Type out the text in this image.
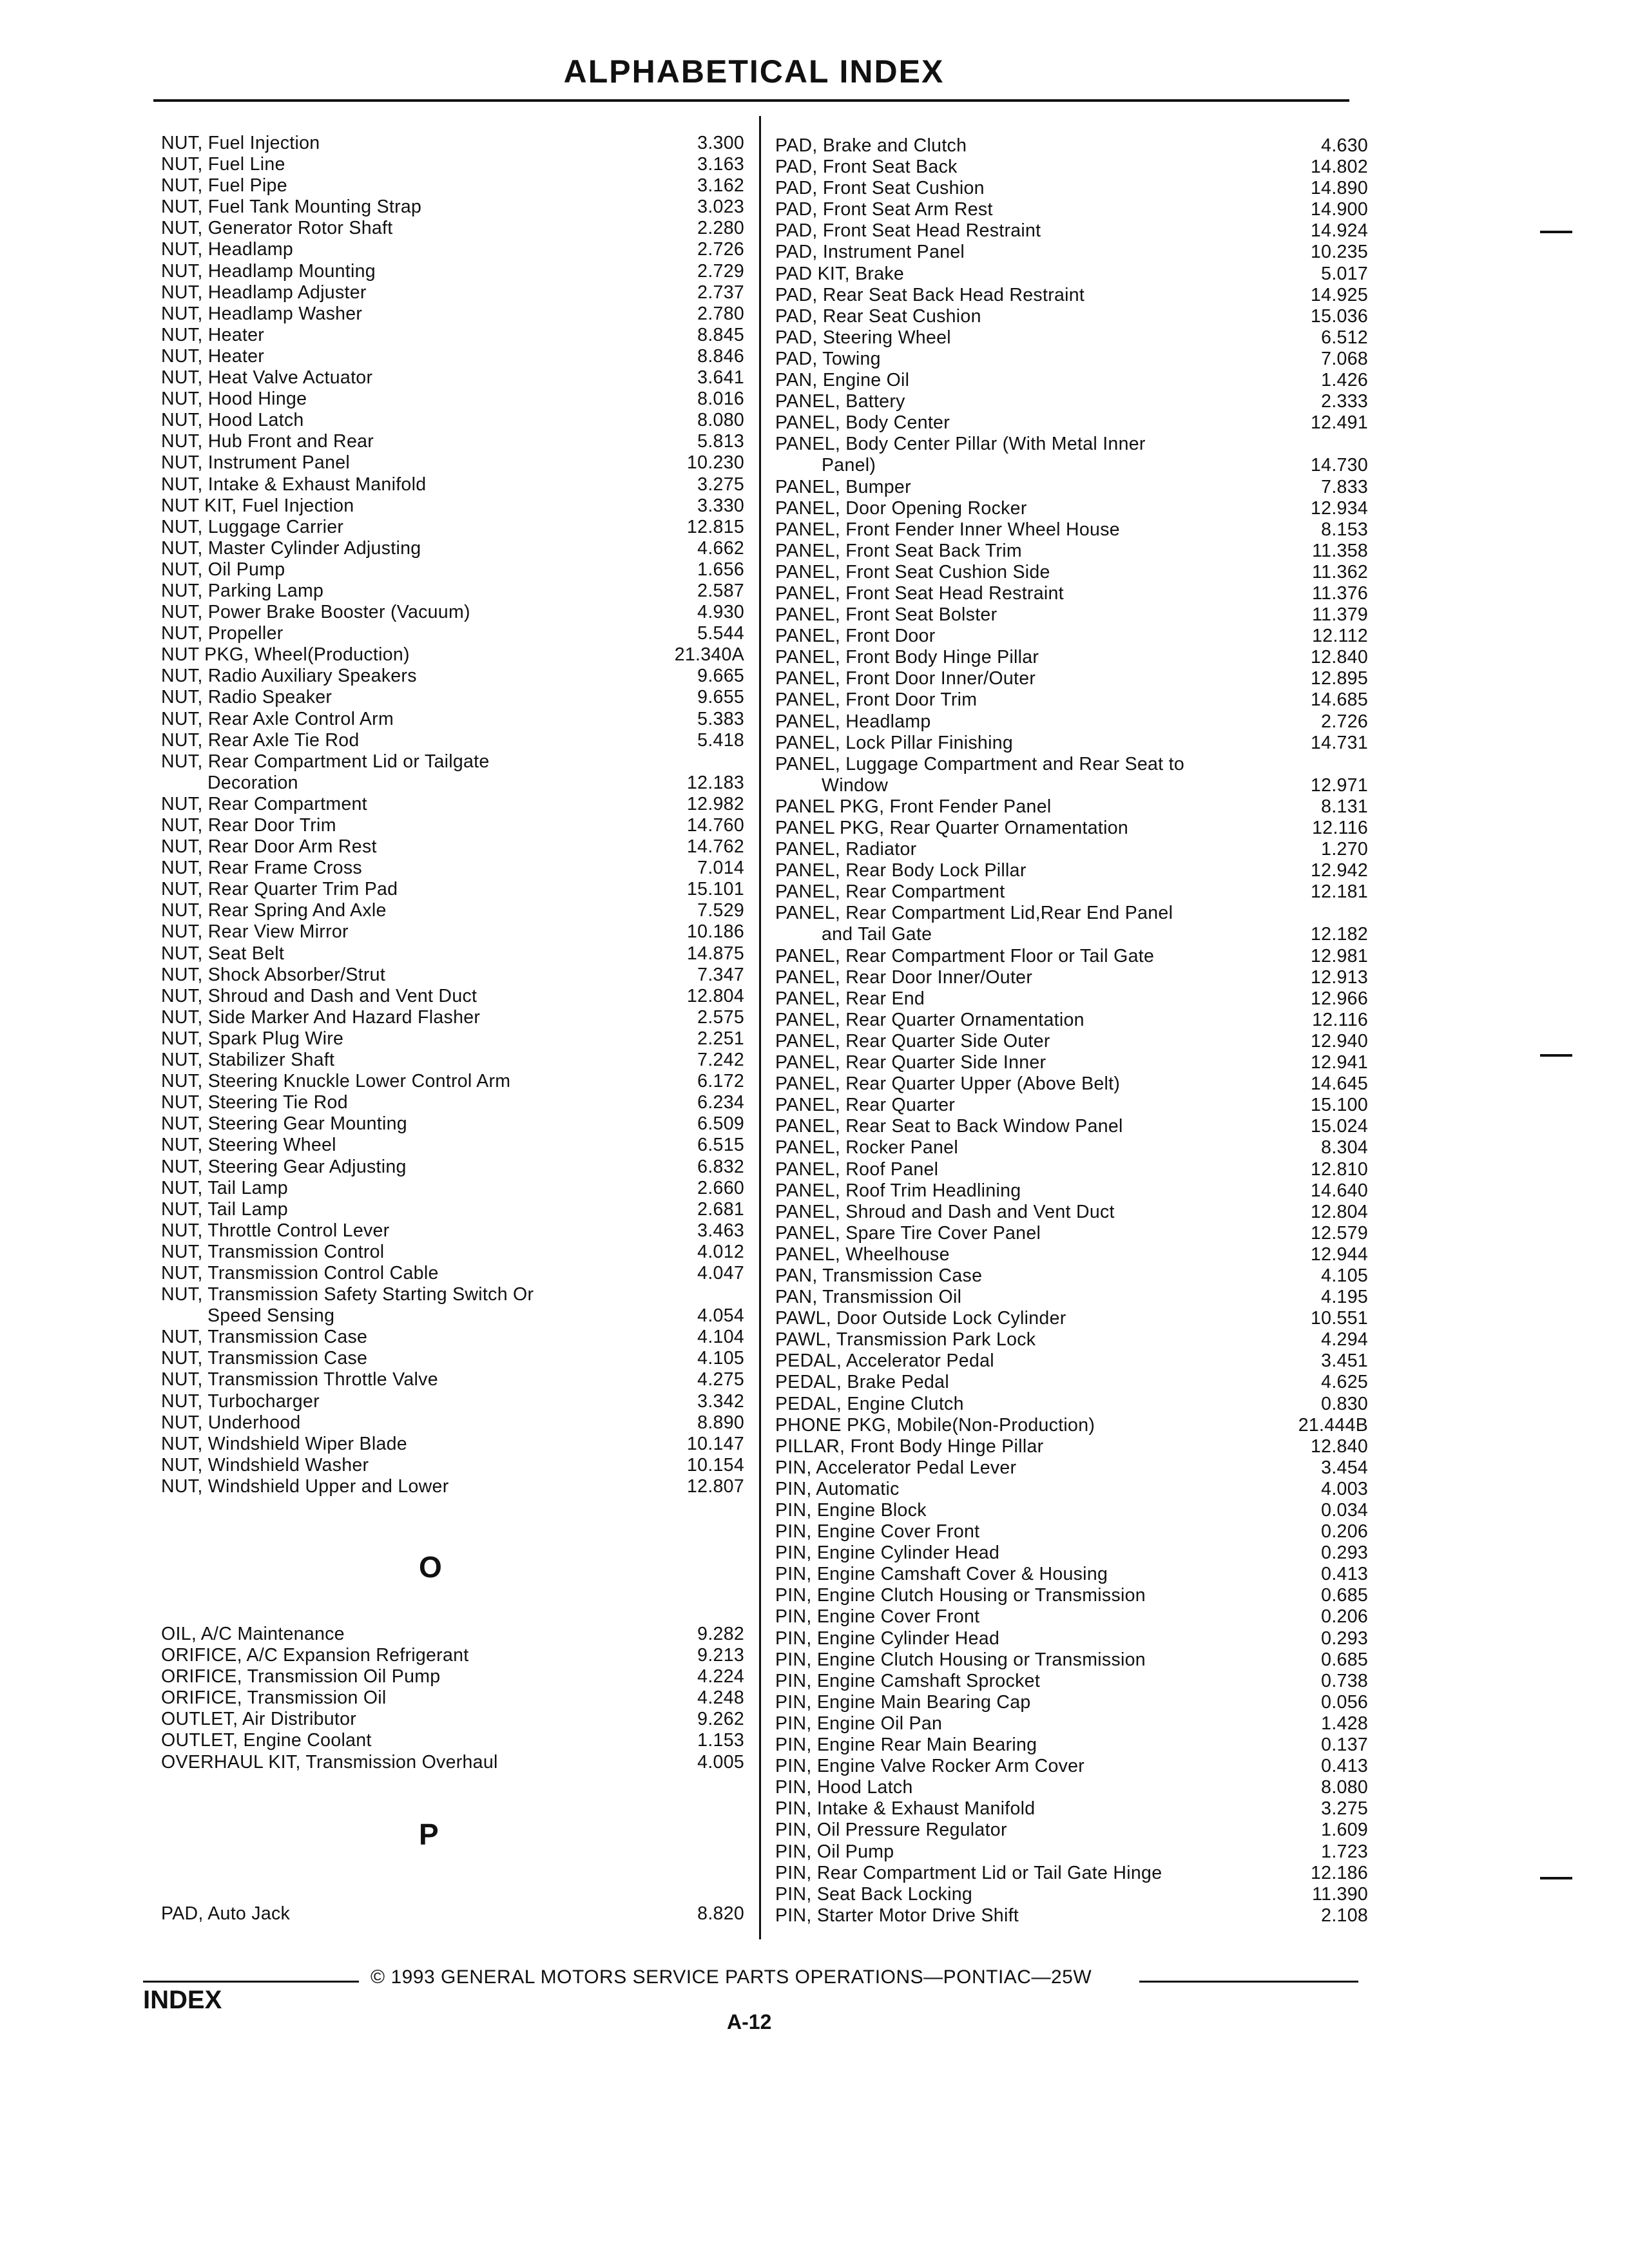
ALPHABETICAL INDEX
NUT, Fuel Injection	3.300
NUT, Fuel Line	3.163
NUT, Fuel Pipe	3.162
NUT, Fuel Tank Mounting Strap	3.023
NUT, Generator Rotor Shaft	2.280
NUT, Headlamp	2.726
NUT, Headlamp Mounting	2.729
NUT, Headlamp Adjuster	2.737
NUT, Headlamp Washer	2.780
NUT, Heater	8.845
NUT, Heater	8.846
NUT, Heat Valve Actuator	3.641
NUT, Hood Hinge	8.016
NUT, Hood Latch	8.080
NUT, Hub Front and Rear	5.813
NUT, Instrument Panel	10.230
NUT, Intake & Exhaust Manifold	3.275
NUT KIT, Fuel Injection	3.330
NUT, Luggage Carrier	12.815
NUT, Master Cylinder Adjusting	4.662
NUT, Oil Pump	1.656
NUT, Parking Lamp	2.587
NUT, Power Brake Booster (Vacuum)	4.930
NUT, Propeller	5.544
NUT PKG, Wheel(Production)	21.340A
NUT, Radio Auxiliary Speakers	9.665
NUT, Radio Speaker	9.655
NUT, Rear Axle Control Arm	5.383
NUT, Rear Axle Tie Rod	5.418
NUT, Rear Compartment Lid or Tailgate
Decoration	12.183
NUT, Rear Compartment	12.982
NUT, Rear Door Trim	14.760
NUT, Rear Door Arm Rest	14.762
NUT, Rear Frame Cross	7.014
NUT, Rear Quarter Trim Pad	15.101
NUT, Rear Spring And Axle	7.529
NUT, Rear View Mirror	10.186
NUT, Seat Belt	14.875
NUT, Shock Absorber/Strut	7.347
NUT, Shroud and Dash and Vent Duct	12.804
NUT, Side Marker And Hazard Flasher	2.575
NUT, Spark Plug Wire	2.251
NUT, Stabilizer Shaft	7.242
NUT, Steering Knuckle Lower Control Arm	6.172
NUT, Steering Tie Rod	6.234
NUT, Steering Gear Mounting	6.509
NUT, Steering Wheel	6.515
NUT, Steering Gear Adjusting	6.832
NUT, Tail Lamp	2.660
NUT, Tail Lamp	2.681
NUT, Throttle Control Lever	3.463
NUT, Transmission Control	4.012
NUT, Transmission Control Cable	4.047
NUT, Transmission Safety Starting Switch Or
Speed Sensing	4.054
NUT, Transmission Case	4.104
NUT, Transmission Case	4.105
NUT, Transmission Throttle Valve	4.275
NUT, Turbocharger	3.342
NUT, Underhood	8.890
NUT, Windshield Wiper Blade	10.147
NUT, Windshield Washer	10.154
NUT, Windshield Upper and Lower	12.807
O
OIL, A/C Maintenance	9.282
ORIFICE, A/C Expansion Refrigerant	9.213
ORIFICE, Transmission Oil Pump	4.224
ORIFICE, Transmission Oil	4.248
OUTLET, Air Distributor	9.262
OUTLET, Engine Coolant	1.153
OVERHAUL KIT, Transmission Overhaul	4.005
P
PAD, Auto Jack	8.820
PAD, Brake and Clutch	4.630
PAD, Front Seat Back	14.802
PAD, Front Seat Cushion	14.890
PAD, Front Seat Arm Rest	14.900
PAD, Front Seat Head Restraint	14.924
PAD, Instrument Panel	10.235
PAD KIT, Brake	5.017
PAD, Rear Seat Back Head Restraint	14.925
PAD, Rear Seat Cushion	15.036
PAD, Steering Wheel	6.512
PAD, Towing	7.068
PAN, Engine Oil	1.426
PANEL, Battery	2.333
PANEL, Body Center	12.491
PANEL, Body Center Pillar (With Metal Inner
Panel)	14.730
PANEL, Bumper	7.833
PANEL, Door Opening Rocker	12.934
PANEL, Front Fender Inner Wheel House	8.153
PANEL, Front Seat Back Trim	11.358
PANEL, Front Seat Cushion Side	11.362
PANEL, Front Seat Head Restraint	11.376
PANEL, Front Seat Bolster	11.379
PANEL, Front Door	12.112
PANEL, Front Body Hinge Pillar	12.840
PANEL, Front Door Inner/Outer	12.895
PANEL, Front Door Trim	14.685
PANEL, Headlamp	2.726
PANEL, Lock Pillar Finishing	14.731
PANEL, Luggage Compartment and Rear Seat to
Window	12.971
PANEL PKG, Front Fender Panel	8.131
PANEL PKG, Rear Quarter Ornamentation	12.116
PANEL, Radiator	1.270
PANEL, Rear Body Lock Pillar	12.942
PANEL, Rear Compartment	12.181
PANEL, Rear Compartment Lid,Rear End Panel
and Tail Gate	12.182
PANEL, Rear Compartment Floor or Tail Gate	12.981
PANEL, Rear Door Inner/Outer	12.913
PANEL, Rear End	12.966
PANEL, Rear Quarter Ornamentation	12.116
PANEL, Rear Quarter Side Outer	12.940
PANEL, Rear Quarter Side Inner	12.941
PANEL, Rear Quarter Upper (Above Belt)	14.645
PANEL, Rear Quarter	15.100
PANEL, Rear Seat to Back Window Panel	15.024
PANEL, Rocker Panel	8.304
PANEL, Roof Panel	12.810
PANEL, Roof Trim Headlining	14.640
PANEL, Shroud and Dash and Vent Duct	12.804
PANEL, Spare Tire Cover Panel	12.579
PANEL, Wheelhouse	12.944
PAN, Transmission Case	4.105
PAN, Transmission Oil	4.195
PAWL, Door Outside Lock Cylinder	10.551
PAWL, Transmission Park Lock	4.294
PEDAL, Accelerator Pedal	3.451
PEDAL, Brake Pedal	4.625
PEDAL, Engine Clutch	0.830
PHONE PKG, Mobile(Non-Production)	21.444B
PILLAR, Front Body Hinge Pillar	12.840
PIN, Accelerator Pedal Lever	3.454
PIN, Automatic	4.003
PIN, Engine Block	0.034
PIN, Engine Cover Front	0.206
PIN, Engine Cylinder Head	0.293
PIN, Engine Camshaft Cover & Housing	0.413
PIN, Engine Clutch Housing or Transmission	0.685
PIN, Engine Cover Front	0.206
PIN, Engine Cylinder Head	0.293
PIN, Engine Clutch Housing or Transmission	0.685
PIN, Engine Camshaft Sprocket	0.738
PIN, Engine Main Bearing Cap	0.056
PIN, Engine Oil Pan	1.428
PIN, Engine Rear Main Bearing	0.137
PIN, Engine Valve Rocker Arm Cover	0.413
PIN, Hood Latch	8.080
PIN, Intake & Exhaust Manifold	3.275
PIN, Oil Pressure Regulator	1.609
PIN, Oil Pump	1.723
PIN, Rear Compartment Lid or Tail Gate Hinge	12.186
PIN, Seat Back Locking	11.390
PIN, Starter Motor Drive Shift	2.108
© 1993 GENERAL MOTORS SERVICE PARTS OPERATIONS—PONTIAC—25W
INDEX
A-12
